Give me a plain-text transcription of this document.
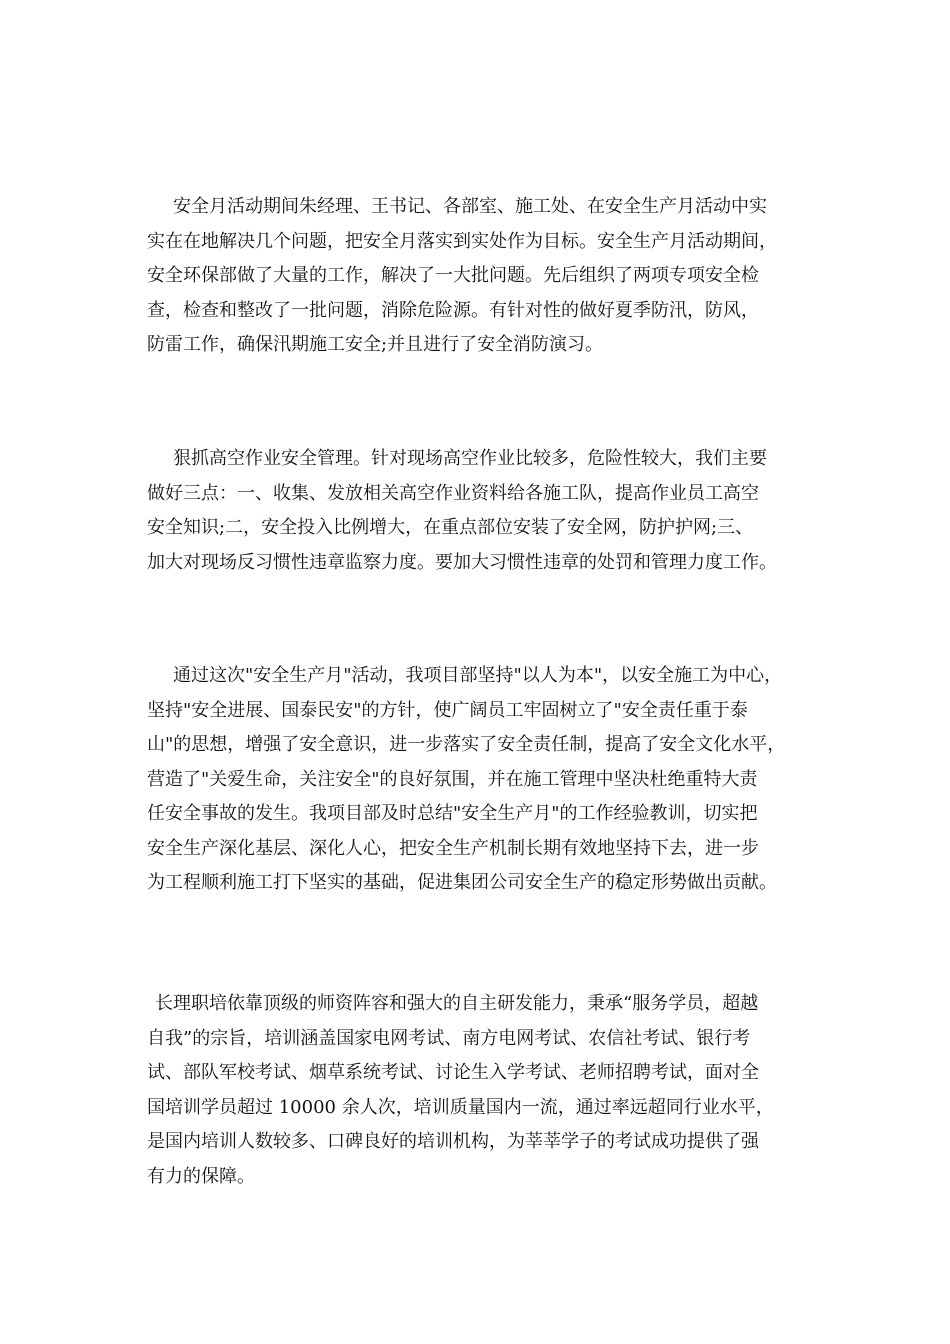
安全月活动期间朱经理、王书记、各部室、施工处、在安全生产月活动中实
实在在地解决几个问题，把安全月落实到实处作为目标。安全生产月活动期间，
安全环保部做了大量的工作，解决了一大批问题。先后组织了两项专项安全检
查，检查和整改了一批问题，消除危险源。有针对性的做好夏季防汛，防风，
防雷工作，确保汛期施工安全;并且进行了安全消防演习。
狠抓高空作业安全管理。针对现场高空作业比较多，危险性较大，我们主要
做好三点：一、收集、发放相关高空作业资料给各施工队，提高作业员工高空
安全知识;二，安全投入比例增大，在重点部位安装了安全网，防护护网;三、
加大对现场反习惯性违章监察力度。要加大习惯性违章的处罚和管理力度工作。
通过这次"安全生产月"活动，我项目部坚持"以人为本"，以安全施工为中心，
坚持"安全进展、国泰民安"的方针，使广阔员工牢固树立了"安全责任重于泰
山"的思想，增强了安全意识，进一步落实了安全责任制，提高了安全文化水平，
营造了"关爱生命，关注安全"的良好氛围，并在施工管理中坚决杜绝重特大责
任安全事故的发生。我项目部及时总结"安全生产月"的工作经验教训，切实把
安全生产深化基层、深化人心，把安全生产机制长期有效地坚持下去，进一步
为工程顺利施工打下坚实的基础，促进集团公司安全生产的稳定形势做出贡献。
长理职培依靠顶级的师资阵容和强大的自主研发能力，秉承“服务学员，超越
自我”的宗旨，培训涵盖国家电网考试、南方电网考试、农信社考试、银行考
试、部队军校考试、烟草系统考试、讨论生入学考试、老师招聘考试，面对全
国培训学员超过 10000 余人次，培训质量国内一流，通过率远超同行业水平，
是国内培训人数较多、口碑良好的培训机构，为莘莘学子的考试成功提供了强
有力的保障。
